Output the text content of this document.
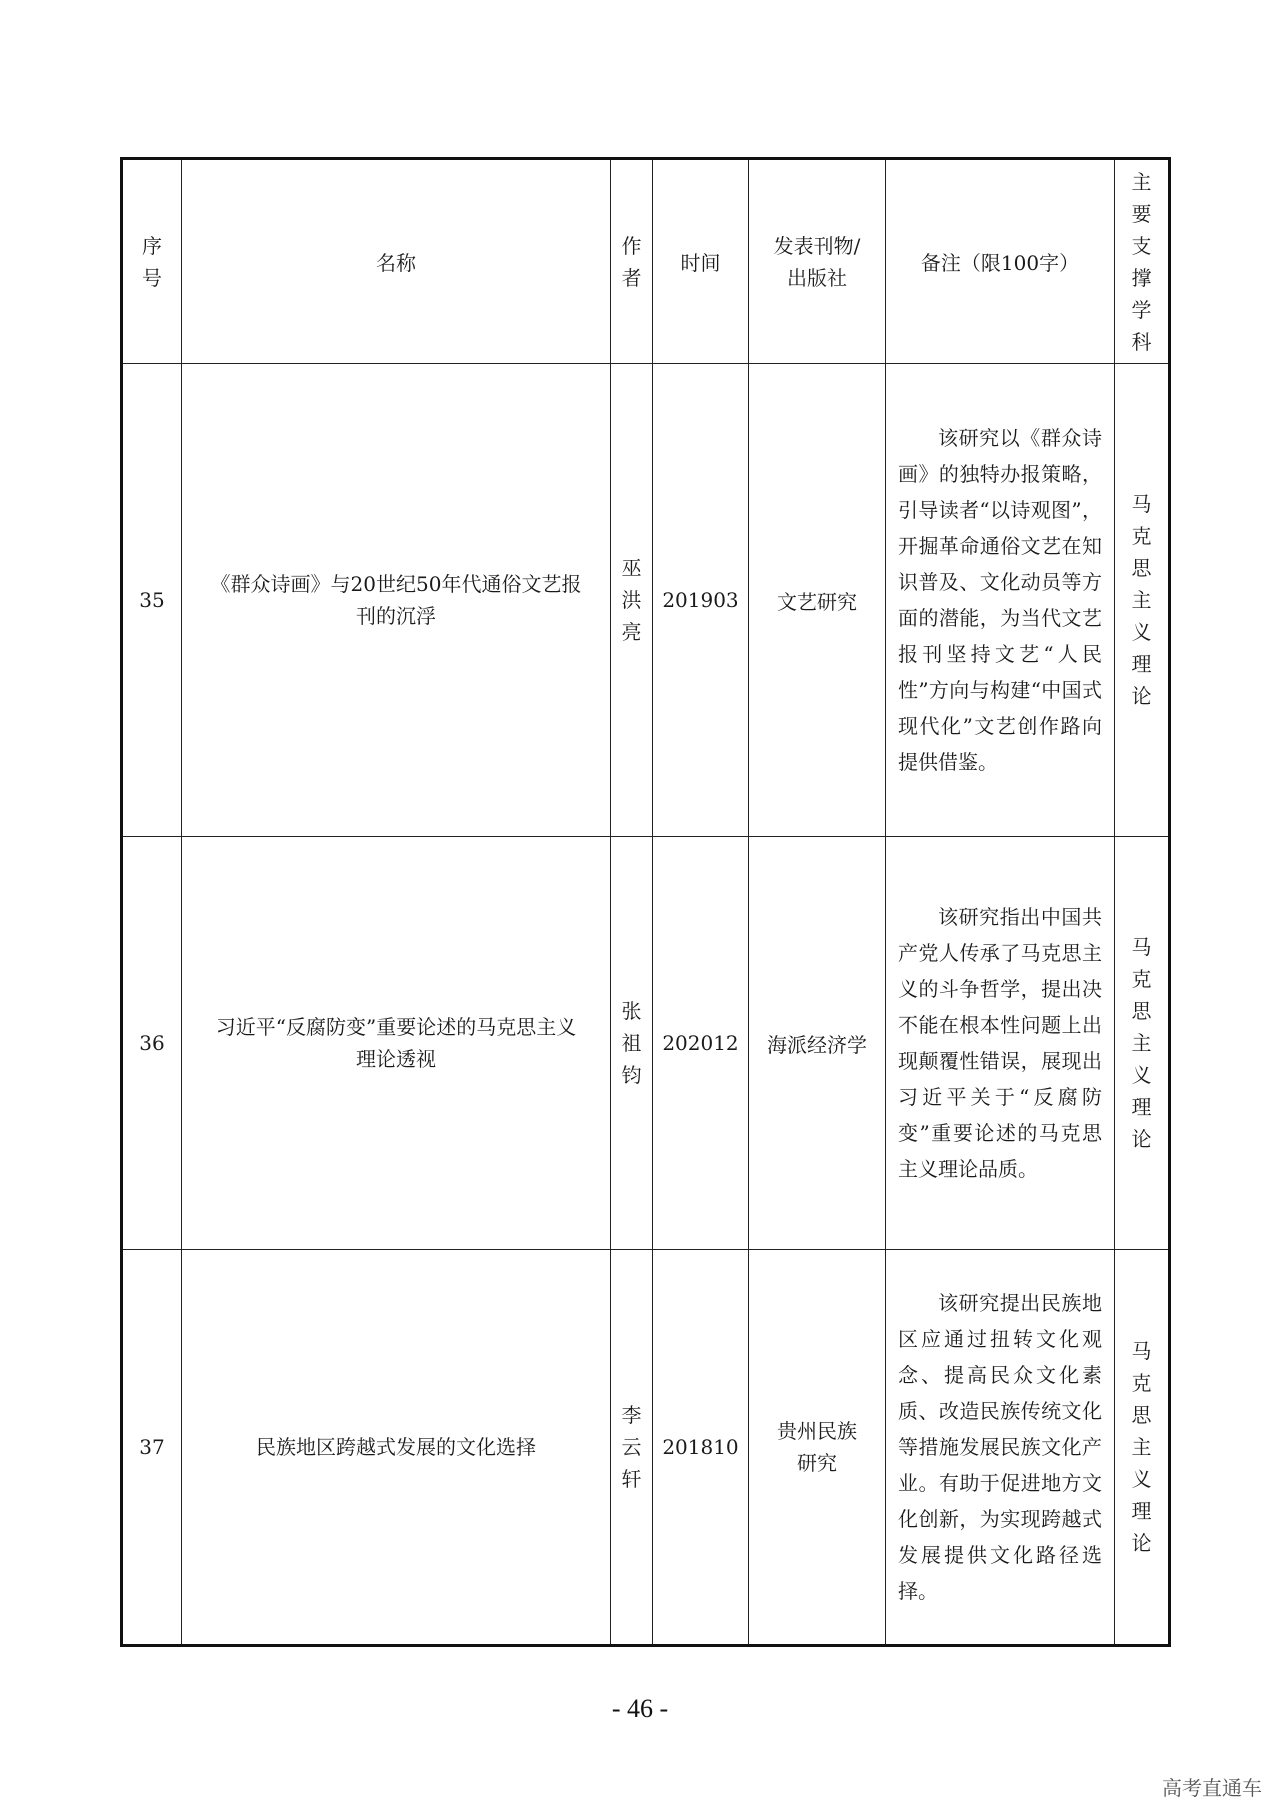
序号	名称	作者	时间	发表刊物/出版社	备注（限100字）	主要支撑学科

35	《群众诗画》与20世纪50年代通俗文艺报刊的沉浮	巫洪亮	201903	文艺研究	该研究以《群众诗画》的独特办报策略，引导读者“以诗观图”，开掘革命通俗文艺在知识普及、文化动员等方面的潜能，为当代文艺报刊坚持文艺“人民性”方向与构建“中国式现代化”文艺创作路向提供借鉴。	马克思主义理论

36	习近平“反腐防变”重要论述的马克思主义理论透视	张祖钧	202012	海派经济学	该研究指出中国共产党人传承了马克思主义的斗争哲学，提出决不能在根本性问题上出现颠覆性错误，展现出习近平关于“反腐防变”重要论述的马克思主义理论品质。	马克思主义理论

37	民族地区跨越式发展的文化选择	李云轩	201810	贵州民族研究	该研究提出民族地区应通过扭转文化观念、提高民众文化素质、改造民族传统文化等措施发展民族文化产业。有助于促进地方文化创新，为实现跨越式发展提供文化路径选择。	马克思主义理论
- 46 -
高考直通车
